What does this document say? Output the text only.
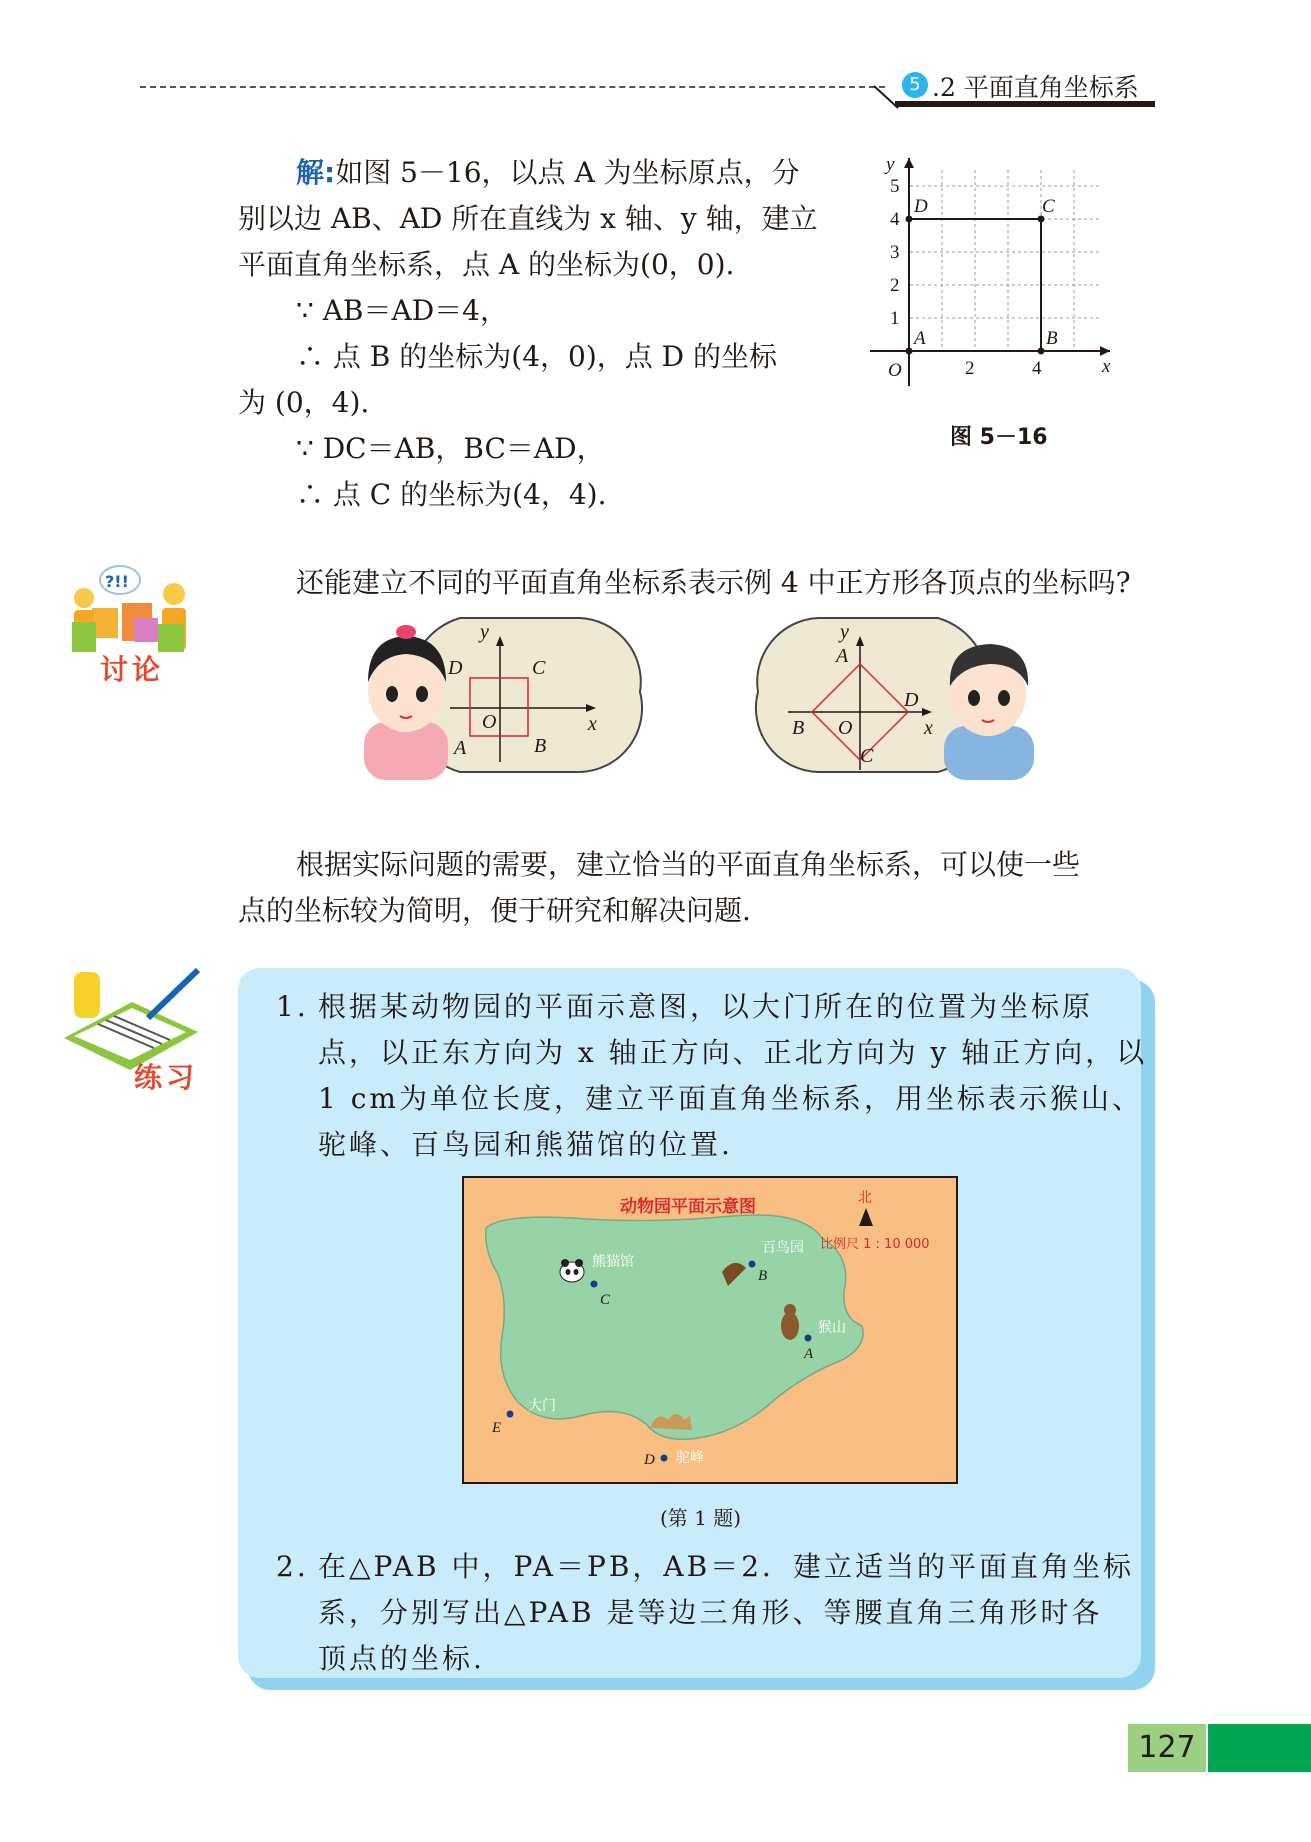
5 .2 平面直角坐标系
解:如图 5－16，以点 A 为坐标原点，分
别以边 AB、AD 所在直线为 x 轴、y 轴，建立
平面直角坐标系，点 A 的坐标为(0，0).
∵ AB＝AD＝4，
∴ 点 B 的坐标为(4，0)，点 D 的坐标
为 (0，4).
∵ DC＝AB，BC＝AD，
∴ 点 C 的坐标为(4，4).
y
x
O	2	4
1
2
3
4
5
A	B
C
D
图 5－16
?!!
讨论
还能建立不同的平面直角坐标系表示例 4 中正方形各顶点的坐标吗?
y
x
O
D	C
A	B
y
x
A
B O
D
C
根据实际问题的需要，建立恰当的平面直角坐标系，可以使一些
点的坐标较为简明，便于研究和解决问题.
练习
1. 根据某动物园的平面示意图，以大门所在的位置为坐标原
点，以正东方向为 x 轴正方向、正北方向为 y 轴正方向，以
1 cm为单位长度，建立平面直角坐标系，用坐标表示猴山、
驼峰、百鸟园和熊猫馆的位置.
动物园平面示意图	北
比例尺 1 : 10 000
熊猫馆
C
百鸟园
B
猴山
A
大门
E
驼峰
D
(第 1 题)
2. 在△PAB 中，PA＝PB，AB＝2．建立适当的平面直角坐标
系，分别写出△PAB 是等边三角形、等腰直角三角形时各
顶点的坐标.
127
